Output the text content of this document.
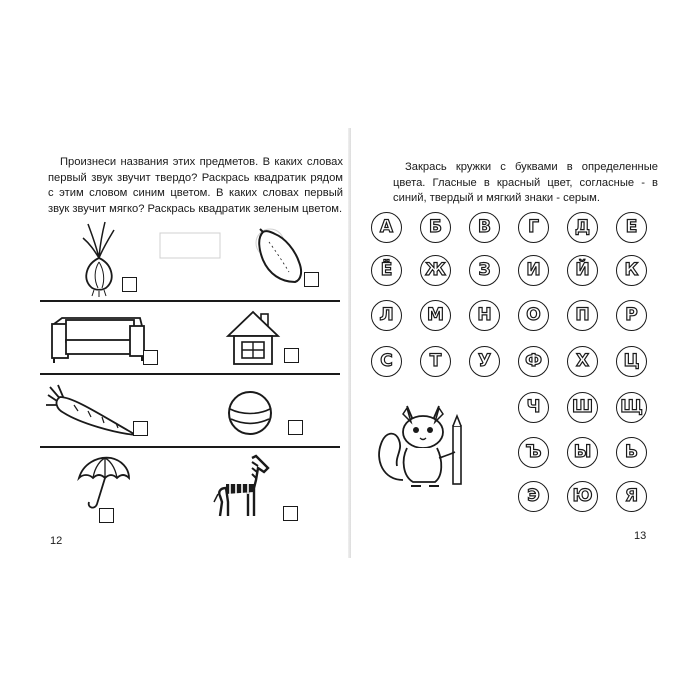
Произнеси названия этих предметов. В каких словах первый звук звучит твердо? Раскрась квадратик рядом с этим словом синим цветом. В каких словах первый звук звучит мягко? Раскрась квадратик зеленым цветом.
12
Закрась кружки с буквами в определенные цвета. Гласные в красный цвет, согласные - в синий, твердый и мягкий знаки - серым.
А Б В Г Д Е
Ё Ж З И Й К
Л М Н О П Р
С Т У Ф Х Ц
Ч Ш Щ
Ъ Ы Ь
Э Ю Я
13
